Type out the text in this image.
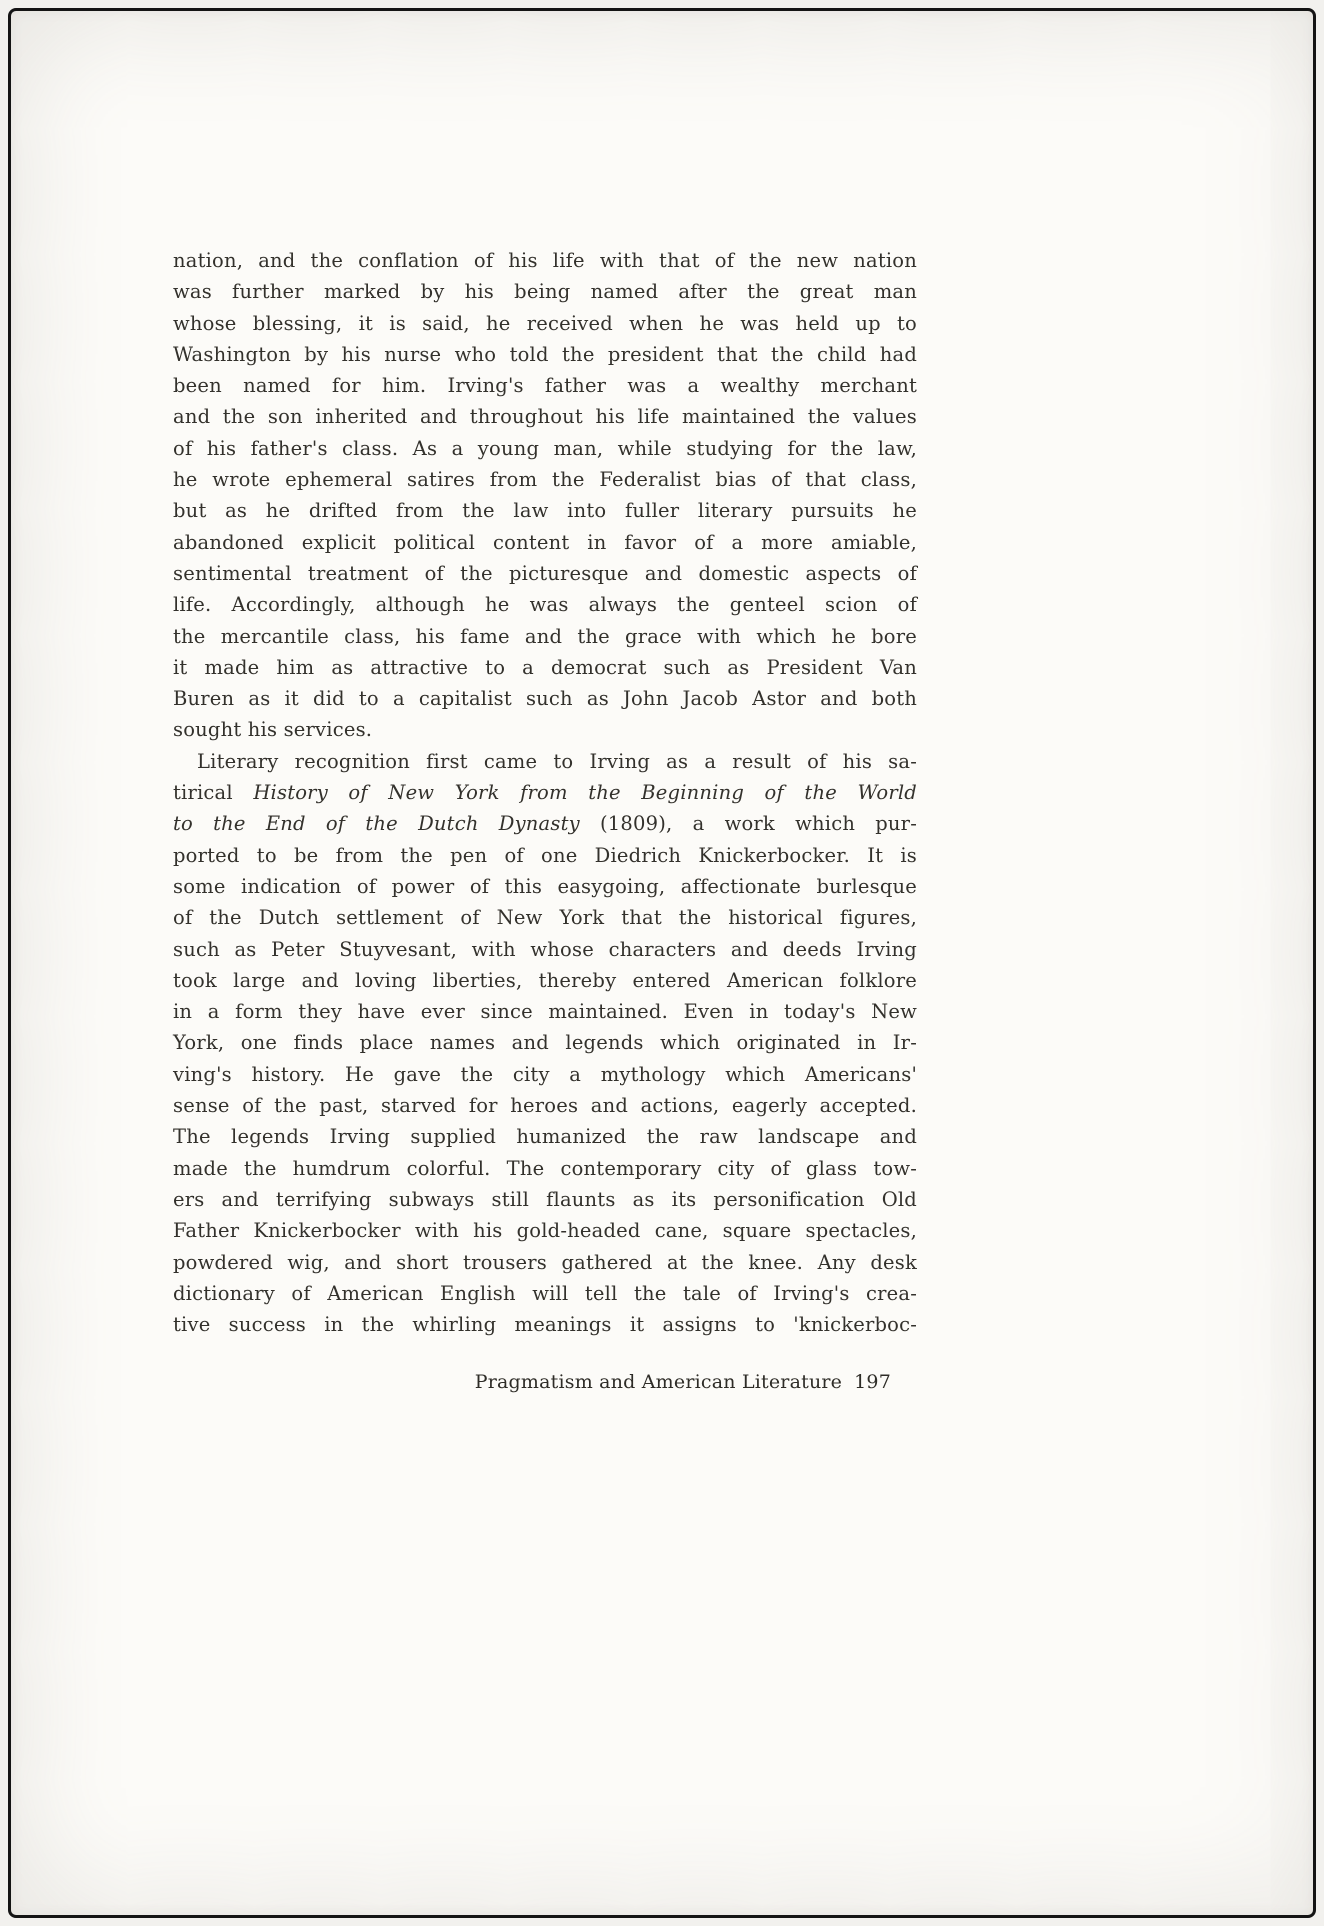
nation, and the conflation of his life with that of the new nation
was further marked by his being named after the great man
whose blessing, it is said, he received when he was held up to
Washington by his nurse who told the president that the child had
been named for him. Irving's father was a wealthy merchant
and the son inherited and throughout his life maintained the values
of his father's class. As a young man, while studying for the law,
he wrote ephemeral satires from the Federalist bias of that class,
but as he drifted from the law into fuller literary pursuits he
abandoned explicit political content in favor of a more amiable,
sentimental treatment of the picturesque and domestic aspects of
life. Accordingly, although he was always the genteel scion of
the mercantile class, his fame and the grace with which he bore
it made him as attractive to a democrat such as President Van
Buren as it did to a capitalist such as John Jacob Astor and both
sought his services.
Literary recognition first came to Irving as a result of his sa-
tirical History of New York from the Beginning of the World
to the End of the Dutch Dynasty (1809), a work which pur-
ported to be from the pen of one Diedrich Knickerbocker. It is
some indication of power of this easygoing, affectionate burlesque
of the Dutch settlement of New York that the historical figures,
such as Peter Stuyvesant, with whose characters and deeds Irving
took large and loving liberties, thereby entered American folklore
in a form they have ever since maintained. Even in today's New
York, one finds place names and legends which originated in Ir-
ving's history. He gave the city a mythology which Americans'
sense of the past, starved for heroes and actions, eagerly accepted.
The legends Irving supplied humanized the raw landscape and
made the humdrum colorful. The contemporary city of glass tow-
ers and terrifying subways still flaunts as its personification Old
Father Knickerbocker with his gold-headed cane, square spectacles,
powdered wig, and short trousers gathered at the knee. Any desk
dictionary of American English will tell the tale of Irving's crea-
tive success in the whirling meanings it assigns to 'knickerboc-
Pragmatism and American Literature 197
